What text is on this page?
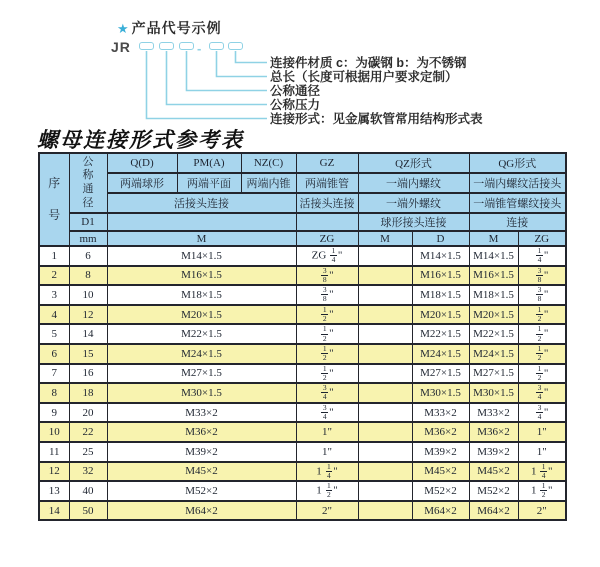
★ 产品代号示例
JR	-
连接件材质 c：为碳钢 b：为不锈钢
总长（长度可根据用户要求定制）
公称通径
公称压力
连接形式：见金属软管常用结构形式表
螺母连接形式参考表
序
号	公
称
通
径	Q(D)	PM(A)	NZ(C)	GZ	QZ形式		QG形式	
		两端球形	两端平面	两端内锥	两端锥管	一端内螺纹		一端内螺纹活接头	
		活接头连接			活接头连接	一端外螺纹		一端锥管螺纹接头	
	D1					球形接头连接		连接	
	mm	M			ZG	M	D	M	ZG
1	6	M14×1.5			ZG $\frac{1}{4}$ "		M14×1.5	M14×1.5	$\frac{1}{4}$ "
2	8	M16×1.5			$\frac{3}{8}$ "		M16×1.5	M16×1.5	$\frac{3}{8}$ "
3	10	M18×1.5			$\frac{3}{8}$ "		M18×1.5	M18×1.5	$\frac{3}{8}$ "
4	12	M20×1.5			$\frac{1}{2}$ "		M20×1.5	M20×1.5	$\frac{1}{2}$ "
5	14	M22×1.5			$\frac{1}{2}$ "		M22×1.5	M22×1.5	$\frac{1}{2}$ "
6	15	M24×1.5			$\frac{1}{2}$ "		M24×1.5	M24×1.5	$\frac{1}{2}$ "
7	16	M27×1.5			$\frac{1}{2}$ "		M27×1.5	M27×1.5	$\frac{1}{2}$ "
8	18	M30×1.5			$\frac{3}{4}$ "		M30×1.5	M30×1.5	$\frac{3}{4}$ "
9	20	M33×2			$\frac{3}{4}$ "		M33×2	M33×2	$\frac{3}{4}$ "
10	22	M36×2			1"		M36×2	M36×2	1"
11	25	M39×2			1"		M39×2	M39×2	1"
12	32	M45×2			$1 \frac{1}{4}$ "		M45×2	M45×2	$1 \frac{1}{4}$ "
13	40	M52×2			$1 \frac{1}{2}$ "		M52×2	M52×2	$1 \frac{1}{2}$ "
14	50	M64×2			2"		M64×2	M64×2	2"
